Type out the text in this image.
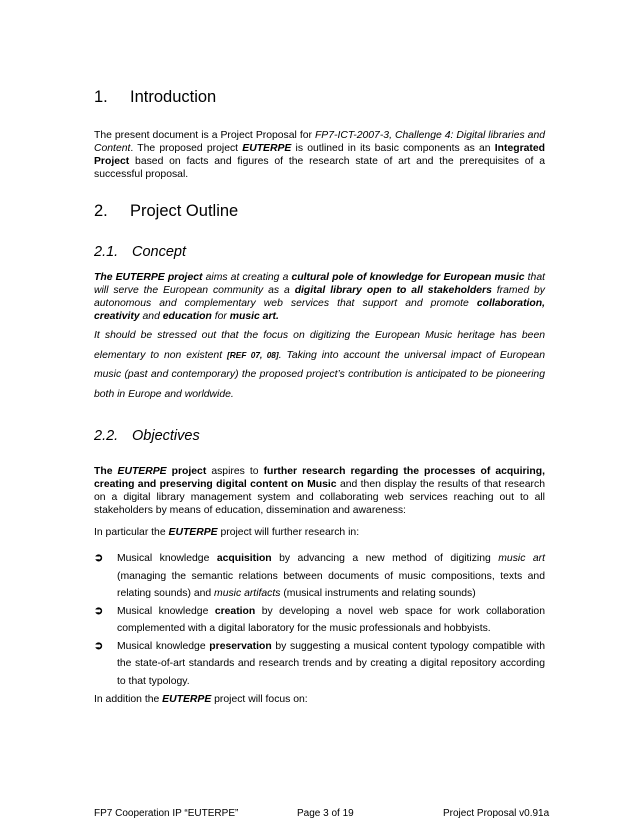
1. Introduction

The present document is a Project Proposal for FP7-ICT-2007-3, Challenge 4: Digital libraries and Content. The proposed project EUTERPE is outlined in its basic components as an Integrated Project based on facts and figures of the research state of art and the prerequisites of a successful proposal.

2. Project Outline
2.1. Concept

The EUTERPE project aims at creating a cultural pole of knowledge for European music that will serve the European community as a digital library open to all stakeholders framed by autonomous and complementary web services that support and promote collaboration, creativity and education for music art.

It should be stressed out that the focus on digitizing the European Music heritage has been elementary to non existent [REF 07, 08]. Taking into account the universal impact of European music (past and contemporary) the proposed project’s contribution is anticipated to be pioneering both in Europe and worldwide.

2.2. Objectives

The EUTERPE project aspires to further research regarding the processes of acquiring, creating and preserving digital content on Music and then display the results of that research on a digital library management system and collaborating web services reaching out to all stakeholders by means of education, dissemination and awareness:

In particular the EUTERPE project will further research in:

➲ Musical knowledge acquisition by advancing a new method of digitizing music art (managing the semantic relations between documents of music compositions, texts and relating sounds) and music artifacts (musical instruments and relating sounds)
➲ Musical knowledge creation by developing a novel web space for work collaboration complemented with a digital laboratory for the music professionals and hobbyists.
➲ Musical knowledge preservation by suggesting a musical content typology compatible with the state-of-art standards and research trends and by creating a digital repository according to that typology.

In addition the EUTERPE project will focus on:

FP7 Cooperation IP “EUTERPE”	Page 3 of 19	Project Proposal v0.91a
